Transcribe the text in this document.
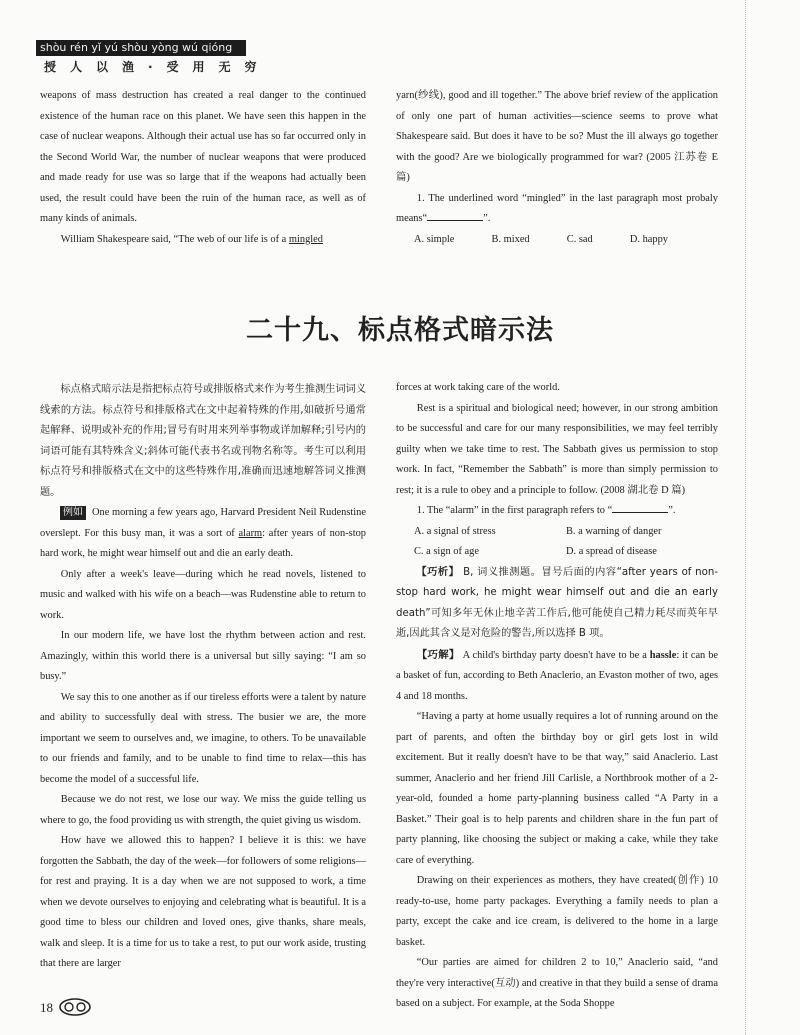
shòu rén yǐ yú shòu yòng wú qióng
授人以渔·受用无穷

weapons of mass destruction has created a real danger to the continued existence of the human race on this planet. We have seen this happen in the case of nuclear weapons. Although their actual use has so far occurred only in the Second World War, the number of nuclear weapons that were produced and made ready for use was so large that if the weapons had actually been used, the result could have been the ruin of the human race, as well as of many kinds of animals.

William Shakespeare said, “The web of our life is of a mingled

yarn(纱线), good and ill together.” The above brief review of the application of only one part of human activities—science seems to prove what Shakespeare said. But does it have to be so? Must the ill always go together with the good? Are we biologically programmed for war? (2005 江苏卷 E 篇)

1. The underlined word “mingled” in the last paragraph most probaly means“	”.

A. simple	B. mixed	C. sad	D. happy
二十九、标点格式暗示法

标点格式暗示法是指把标点符号或排版格式来作为考生推测生词词义线索的方法。标点符号和排版格式在文中起着特殊的作用,如破折号通常起解释、说明或补充的作用;冒号有时用来列举事物或详加解释;引号内的词语可能有其特殊含义;斜体可能代表书名或刊物名称等。考生可以利用标点符号和排版格式在文中的这些特殊作用,准确而迅速地解答词义推测题。

例如 One morning a few years ago, Harvard President Neil Rudenstine overslept. For this busy man, it was a sort of alarm: after years of non-stop hard work, he might wear himself out and die an early death.

Only after a week's leave—during which he read novels, listened to music and walked with his wife on a beach—was Rudenstine able to return to work.

In our modern life, we have lost the rhythm between action and rest. Amazingly, within this world there is a universal but silly saying: “I am so busy.”

We say this to one another as if our tireless efforts were a talent by nature and ability to successfully deal with stress. The busier we are, the more important we seem to ourselves and, we imagine, to others. To be unavailable to our friends and family, and to be unable to find time to relax—this has become the model of a successful life.

Because we do not rest, we lose our way. We miss the guide telling us where to go, the food providing us with strength, the quiet giving us wisdom.

How have we allowed this to happen? I believe it is this: we have forgotten the Sabbath, the day of the week—for followers of some religions—for rest and praying. It is a day when we are not supposed to work, a time when we devote ourselves to enjoying and celebrating what is beautiful. It is a good time to bless our children and loved ones, give thanks, share meals, walk and sleep. It is a time for us to take a rest, to put our work aside, trusting that there are larger

forces at work taking care of the world.

Rest is a spiritual and biological need; however, in our strong ambition to be successful and care for our many responsibilities, we may feel terribly guilty when we take time to rest. The Sabbath gives us permission to stop work. In fact, “Remember the Sabbath” is more than simply permission to rest; it is a rule to obey and a principle to follow. (2008 湖北卷 D 篇)

1. The “alarm” in the first paragraph refers to “	”.

A. a signal of stress	B. a warning of danger
C. a sign of age	D. a spread of disease

【巧析】 B, 词义推测题。冒号后面的内容“after years of non-stop hard work, he might wear himself out and die an early death”可知多年无休止地辛苦工作后,他可能使自己精力耗尽而英年早逝,因此其含义是对危险的警告,所以选择 B 项。

【巧解】 A child's birthday party doesn't have to be a hassle: it can be a basket of fun, according to Beth Anaclerio, an Evaston mother of two, ages 4 and 18 months.

“Having a party at home usually requires a lot of running around on the part of parents, and often the birthday boy or girl gets lost in wild excitement. But it really doesn't have to be that way,” said Anaclerio. Last summer, Anaclerio and her friend Jill Carlisle, a Northbrook mother of a 2-year-old, founded a home party-planning business called “A Party in a Basket.” Their goal is to help parents and children share in the fun part of party planning, like choosing the subject or making a cake, while they take care of everything.

Drawing on their experiences as mothers, they have created(创作) 10 ready-to-use, home party packages. Everything a family needs to plan a party, except the cake and ice cream, is delivered to the home in a large basket.

“Our parties are aimed for children 2 to 10,” Anaclerio said, “and they're very interactive(互动) and creative in that they build a sense of drama based on a subject. For example, at the Soda Shoppe

18
